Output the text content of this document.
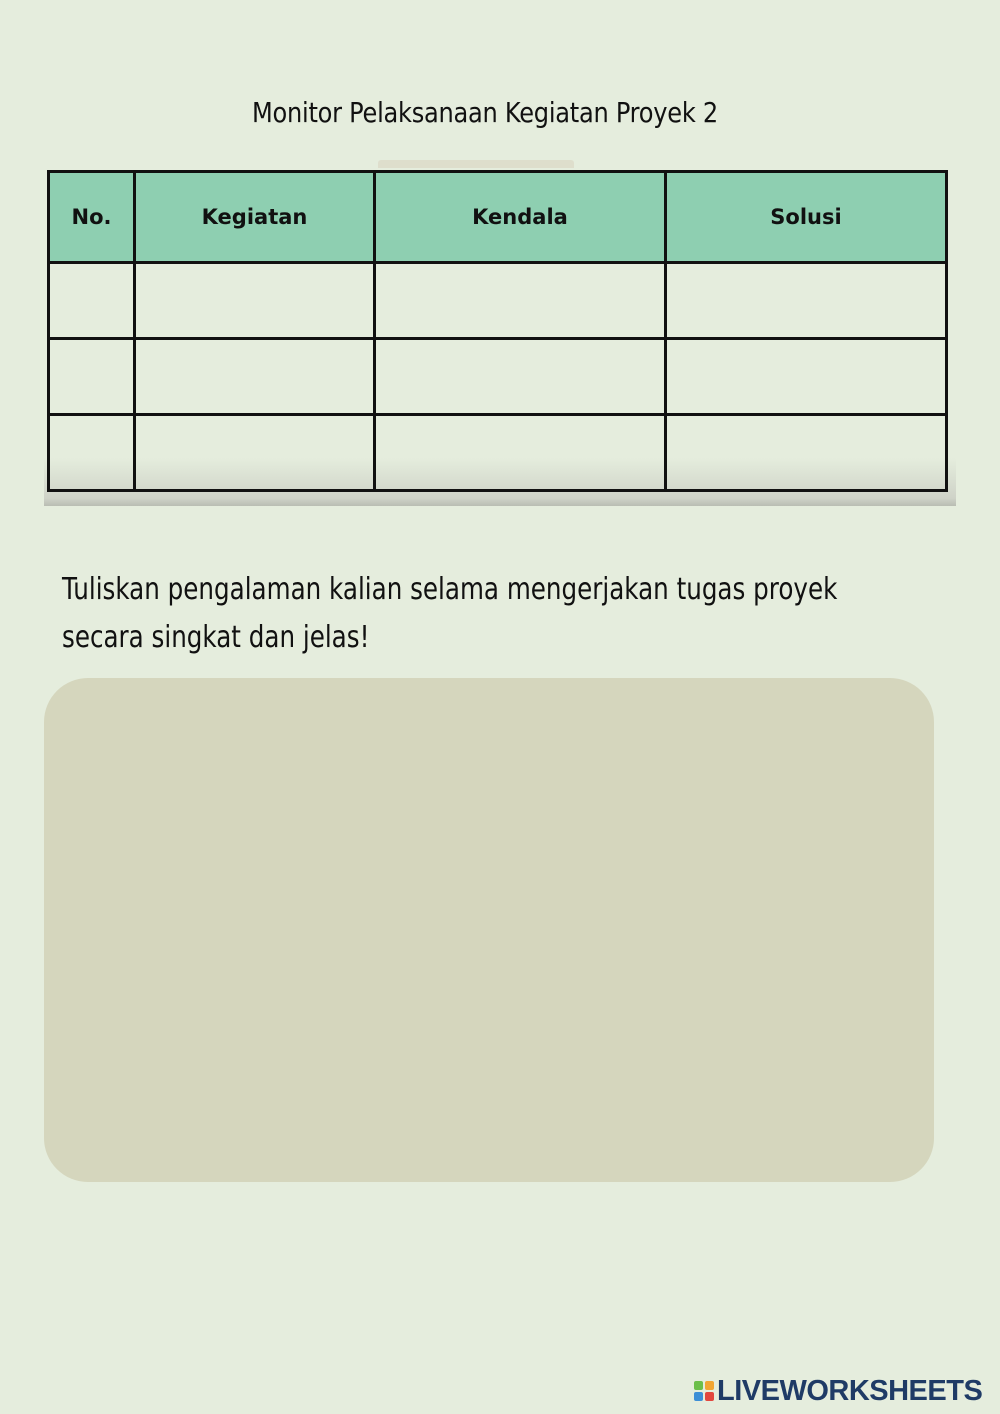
Monitor Pelaksanaan Kegiatan Proyek 2
No.	Kegiatan	Kendala	Solusi

Tuliskan pengalaman kalian selama mengerjakan tugas proyek
secara singkat dan jelas!
LIVEWORKSHEETS
